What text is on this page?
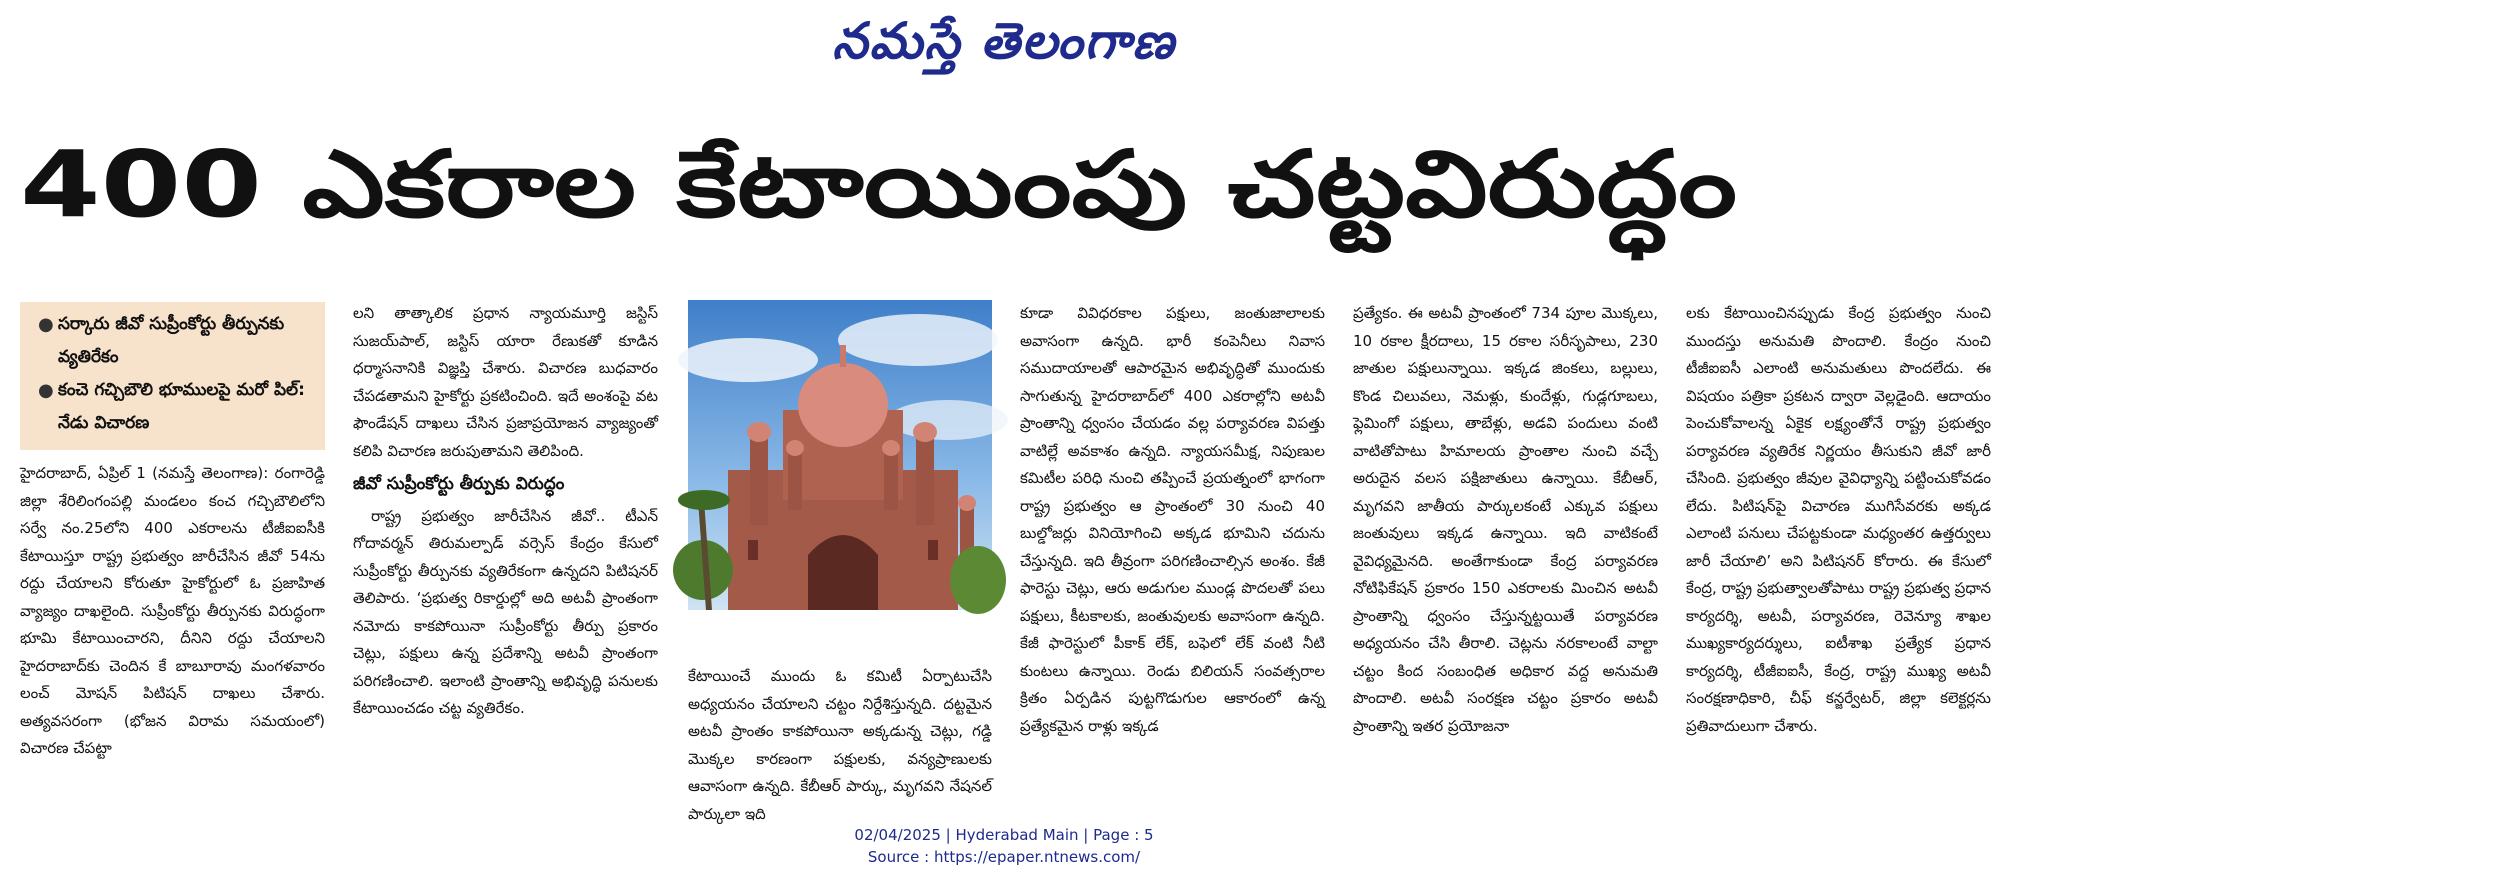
నమస్తే తెలంగాణ
400 ఎకరాల కేటాయింపు చట్టవిరుద్ధం
● సర్కారు జీవో సుప్రీంకోర్టు తీర్పునకు వ్యతిరేకం
● కంచె గచ్చిబౌలి భూములపై మరో పిల్‌: నేడు విచారణ

హైదరాబాద్‌, ఏప్రిల్‌ 1 (నమస్తే తెలంగాణ): రంగారెడ్డి జిల్లా శేరిలింగంపల్లి మండలం కంచ గచ్చిబౌలిలోని సర్వే నం.25లోని 400 ఎకరాలను టీజీఐఐసీకి కేటాయిస్తూ రాష్ట్ర ప్రభుత్వం జారీచేసిన జీవో 54ను రద్దు చేయాలని కోరుతూ హైకోర్టులో ఓ ప్రజాహిత వ్యాజ్యం దాఖలైంది. సుప్రీంకోర్టు తీర్పునకు విరుద్ధంగా భూమి కేటాయించారని, దీనిని రద్దు చేయాలని హైదరాబాద్‌కు చెందిన కే బాబూరావు మంగళవారం లంచ్‌ మోషన్‌ పిటిషన్‌ దాఖలు చేశారు. అత్యవసరంగా (భోజన విరామ సమయంలో) విచారణ చేపట్టా

లని తాత్కాలిక ప్రధాన న్యాయమూర్తి జస్టిస్‌ సుజయ్‌పాల్‌, జస్టిస్‌ యారా రేణుకతో కూడిన ధర్మాసనానికి విజ్ఞప్తి చేశారు. విచారణ బుధవారం చేపడతామని హైకోర్టు ప్రకటించింది. ఇదే అంశంపై వట ఫౌండేషన్‌ దాఖలు చేసిన ప్రజాప్రయోజన వ్యాజ్యంతో కలిపి విచారణ జరుపుతామని తెలిపింది.

జీవో సుప్రీంకోర్టు తీర్పుకు విరుద్ధం

రాష్ట్ర ప్రభుత్వం జారీచేసిన జీవో.. టీఎన్‌ గోదావర్మన్‌ తిరుమల్పాడ్‌ వర్సెస్‌ కేంద్రం కేసులో సుప్రీంకోర్టు తీర్పునకు వ్యతిరేకంగా ఉన్నదని పిటిషనర్‌ తెలిపారు. ‘ప్రభుత్వ రికార్డుల్లో అది అటవీ ప్రాంతంగా నమోదు కాకపోయినా సుప్రీంకోర్టు తీర్పు ప్రకారం చెట్లు, పక్షులు ఉన్న ప్రదేశాన్ని అటవీ ప్రాంతంగా పరిగణించాలి. ఇలాంటి ప్రాంతాన్ని అభివృద్ధి పనులకు కేటాయించడం చట్ట వ్యతిరేకం.

కేటాయించే ముందు ఓ కమిటీ ఏర్పాటుచేసి అధ్యయనం చేయాలని చట్టం నిర్దేశిస్తున్నది. దట్టమైన అటవీ ప్రాంతం కాకపోయినా అక్కడున్న చెట్లు, గడ్డి మొక్కల కారణంగా పక్షులకు, వన్యప్రాణులకు ఆవాసంగా ఉన్నది. కేబీఆర్‌ పార్కు, మృగవని నేషనల్‌ పార్కులా ఇది

కూడా వివిధరకాల పక్షులు, జంతుజాలాలకు అవాసంగా ఉన్నది. భారీ కంపెనీలు నివాస సముదాయాలతో ఆపారమైన అభివృద్ధితో ముందుకు సాగుతున్న హైదరాబాద్‌లో 400 ఎకరాల్లోని అటవీ ప్రాంతాన్ని ధ్వంసం చేయడం వల్ల పర్యావరణ విపత్తు వాటిల్లే అవకాశం ఉన్నది. న్యాయసమీక్ష, నిపుణుల కమిటీల పరిధి నుంచి తప్పించే ప్రయత్నంలో భాగంగా రాష్ట్ర ప్రభుత్వం ఆ ప్రాంతంలో 30 నుంచి 40 బుల్డోజర్లు వినియోగించి అక్కడ భూమిని చదును చేస్తున్నది. ఇది తీవ్రంగా పరిగణించాల్సిన అంశం. కేజీ ఫారెస్టు చెట్లు, ఆరు అడుగుల ముండ్ల పొదలతో పలు పక్షులు, కీటకాలకు, జంతువులకు అవాసంగా ఉన్నది. కేజీ ఫారెస్టులో పీకాక్‌ లేక్‌, బఫెలో లేక్‌ వంటి నీటి కుంటలు ఉన్నాయి. రెండు బిలియన్‌ సంవత్సరాల క్రితం ఏర్పడిన పుట్టగొడుగుల ఆకారంలో ఉన్న ప్రత్యేకమైన రాళ్లు ఇక్కడ

ప్రత్యేకం. ఈ అటవీ ప్రాంతంలో 734 పూల మొక్కలు, 10 రకాల క్షీరదాలు, 15 రకాల సరీసృపాలు, 230 జాతుల పక్షులున్నాయి. ఇక్కడ జింకలు, బల్లులు, కొండ చిలువలు, నెమళ్లు, కుందేళ్లు, గుడ్లగూబలు, ఫ్లెమింగో పక్షులు, తాబేళ్లు, అడవి పందులు వంటి వాటితోపాటు హిమాలయ ప్రాంతాల నుంచి వచ్చే అరుదైన వలస పక్షిజాతులు ఉన్నాయి. కేబీఆర్‌, మృగవని జాతీయ పార్కులకంటే ఎక్కువ పక్షులు జంతువులు ఇక్కడ ఉన్నాయి. ఇది వాటికంటే వైవిధ్యమైనది. అంతేగాకుండా కేంద్ర పర్యావరణ నోటిఫికేషన్‌ ప్రకారం 150 ఎకరాలకు మించిన అటవీ ప్రాంతాన్ని ధ్వంసం చేస్తున్నట్టయితే పర్యావరణ అధ్యయనం చేసి తీరాలి. చెట్లను నరకాలంటే వాల్టా చట్టం కింద సంబంధిత అధికార వద్ద అనుమతి పొందాలి. అటవీ సంరక్షణ చట్టం ప్రకారం అటవీ ప్రాంతాన్ని ఇతర ప్రయోజనా

లకు కేటాయించినప్పుడు కేంద్ర ప్రభుత్వం నుంచి ముందస్తు అనుమతి పొందాలి. కేంద్రం నుంచి టీజీఐఐసీ ఎలాంటి అనుమతులు పొందలేదు. ఈ విషయం పత్రికా ప్రకటన ద్వారా వెల్లడైంది. ఆదాయం పెంచుకోవాలన్న ఏకైక లక్ష్యంతోనే రాష్ట్ర ప్రభుత్వం పర్యావరణ వ్యతిరేక నిర్ణయం తీసుకుని జీవో జారీ చేసింది. ప్రభుత్వం జీవుల వైవిధ్యాన్ని పట్టించుకోవడం లేదు. పిటిషన్‌పై విచారణ ముగిసేవరకు అక్కడ ఎలాంటి పనులు చేపట్టకుండా మధ్యంతర ఉత్తర్వులు జారీ చేయాలి’ అని పిటిషనర్‌ కోరారు. ఈ కేసులో కేంద్ర, రాష్ట్ర ప్రభుత్వాలతోపాటు రాష్ట్ర ప్రభుత్వ ప్రధాన కార్యదర్శి, అటవీ, పర్యావరణ, రెవెన్యూ శాఖల ముఖ్యకార్యదర్శులు, ఐటీశాఖ ప్రత్యేక ప్రధాన కార్యదర్శి, టీజీఐఐసీ, కేంద్ర, రాష్ట్ర ముఖ్య అటవీ సంరక్షణాధికారి, చీఫ్‌ కన్జర్వేటర్‌, జిల్లా కలెక్టర్లను ప్రతివాదులుగా చేశారు.

02/04/2025 | Hyderabad Main | Page : 5
Source : https://epaper.ntnews.com/
